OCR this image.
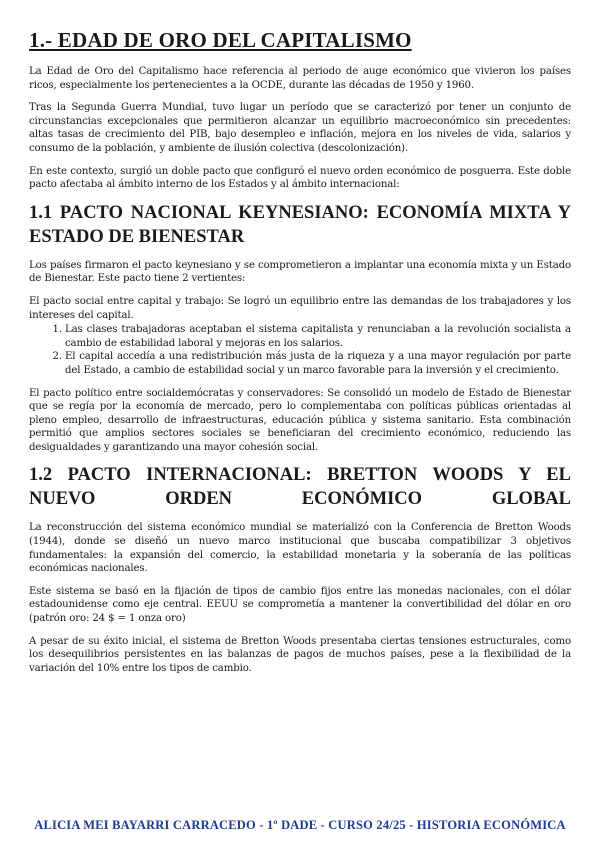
1.- EDAD DE ORO DEL CAPITALISMO

La Edad de Oro del Capitalismo hace referencia al periodo de auge económico que vivieron los países ricos, especialmente los pertenecientes a la OCDE, durante las décadas de 1950 y 1960.

Tras la Segunda Guerra Mundial, tuvo lugar un período que se caracterizó por tener un conjunto de circunstancias excepcionales que permitieron alcanzar un equilibrio macroeconómico sin precedentes: altas tasas de crecimiento del PIB, bajo desempleo e inflación, mejora en los niveles de vida, salarios y consumo de la población, y ambiente de ilusión colectiva (descolonización).

En este contexto, surgió un doble pacto que configuró el nuevo orden económico de posguerra. Este doble pacto afectaba al ámbito interno de los Estados y al ámbito internacional:

1.1 PACTO NACIONAL KEYNESIANO: ECONOMÍA MIXTA Y ESTADO DE BIENESTAR

Los países firmaron el pacto keynesiano y se comprometieron a implantar una economía mixta y un Estado de Bienestar. Este pacto tiene 2 vertientes:

El pacto social entre capital y trabajo: Se logró un equilibrio entre las demandas de los trabajadores y los intereses del capital.

1. Las clases trabajadoras aceptaban el sistema capitalista y renunciaban a la revolución socialista a cambio de estabilidad laboral y mejoras en los salarios.
2. El capital accedía a una redistribución más justa de la riqueza y a una mayor regulación por parte del Estado, a cambio de estabilidad social y un marco favorable para la inversión y el crecimiento.

El pacto político entre socialdemócratas y conservadores: Se consolidó un modelo de Estado de Bienestar que se regía por la economía de mercado, pero lo complementaba con políticas públicas orientadas al pleno empleo, desarrollo de infraestructuras, educación pública y sistema sanitario. Esta combinación permitió que amplios sectores sociales se beneficiaran del crecimiento económico, reduciendo las desigualdades y garantizando una mayor cohesión social.

1.2 PACTO INTERNACIONAL: BRETTON WOODS Y EL NUEVO ORDEN ECONÓMICO GLOBAL

La reconstrucción del sistema económico mundial se materializó con la Conferencia de Bretton Woods (1944), donde se diseñó un nuevo marco institucional que buscaba compatibilizar 3 objetivos fundamentales: la expansión del comercio, la estabilidad monetaria y la soberanía de las políticas económicas nacionales.

Este sistema se basó en la fijación de tipos de cambio fijos entre las monedas nacionales, con el dólar estadounidense como eje central. EEUU se comprometía a mantener la convertibilidad del dólar en oro (patrón oro: 24 $ = 1 onza oro)

A pesar de su éxito inicial, el sistema de Bretton Woods presentaba ciertas tensiones estructurales, como los desequilibrios persistentes en las balanzas de pagos de muchos países, pese a la flexibilidad de la variación del 10% entre los tipos de cambio.

ALICIA MEI BAYARRI CARRACEDO - 1º DADE - CURSO 24/25 - HISTORIA ECONÓMICA
